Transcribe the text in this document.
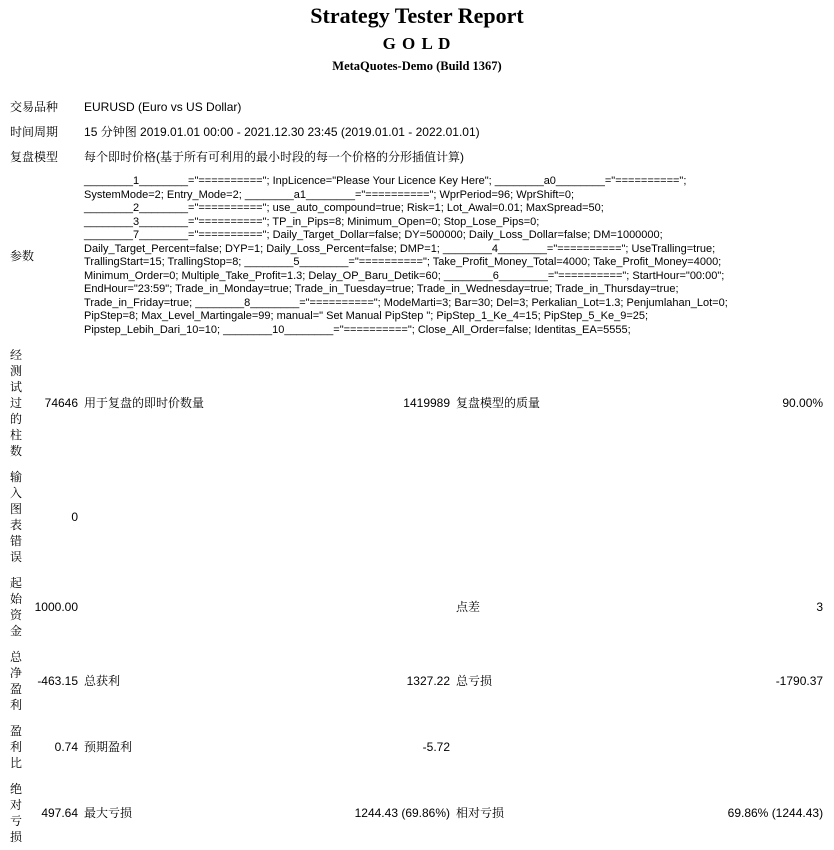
Strategy Tester Report
G O L D
MetaQuotes-Demo (Build 1367)
交易品种		EURUSD (Euro vs US Dollar)			
时间周期		15 分钟图 2019.01.01 00:00 - 2021.12.30 23:45 (2019.01.01 - 2022.01.01)			
复盘模型		每个即时价格(基于所有可利用的最小时段的每一个价格的分形插值计算)			
参数	
________1________="=========="; InpLicence="Please Your Licence Key Here"; ________a0________="==========";
SystemMode=2; Entry_Mode=2; ________a1________="=========="; WprPeriod=96; WprShift=0;
________2________="=========="; use_auto_compound=true; Risk=1; Lot_Awal=0.01; MaxSpread=50;
________3________="=========="; TP_in_Pips=8; Minimum_Open=0; Stop_Lose_Pips=0;
________7________="=========="; Daily_Target_Dollar=false; DY=500000; Daily_Loss_Dollar=false; DM=1000000;
Daily_Target_Percent=false; DYP=1; Daily_Loss_Percent=false; DMP=1; ________4________="=========="; UseTralling=true;
TrallingStart=15; TrallingStop=8; ________5________="=========="; Take_Profit_Money_Total=4000; Take_Profit_Money=4000;
Minimum_Order=0; Multiple_Take_Profit=1.3; Delay_OP_Baru_Detik=60; ________6________="=========="; StartHour="00:00";
EndHour="23:59"; Trade_in_Monday=true; Trade_in_Tuesday=true; Trade_in_Wednesday=true; Trade_in_Thursday=true;
Trade_in_Friday=true; ________8________="=========="; ModeMarti=3; Bar=30; Del=3; Perkalian_Lot=1.3; Penjumlahan_Lot=0;
PipStep=8; Max_Level_Martingale=99; manual=" Set Manual PipStep "; PipStep_1_Ke_4=15; PipStep_5_Ke_9=25;
Pipstep_Lebih_Dari_10=10; ________10________="=========="; Close_All_Order=false; Identitas_EA=5555;

经测试过的柱数	74646	用于复盘的即时价数量	1419989	复盘模型的质量	90.00%
输入图表错误	0				
起始资金	1000.00			点差	3
总净盈利	-463.15	总获利	1327.22	总亏损	-1790.37
盈利比	0.74	预期盈利	-5.72		
绝对亏损	497.64	最大亏损	1244.43 (69.86%)	相对亏损	69.86% (1244.43)
